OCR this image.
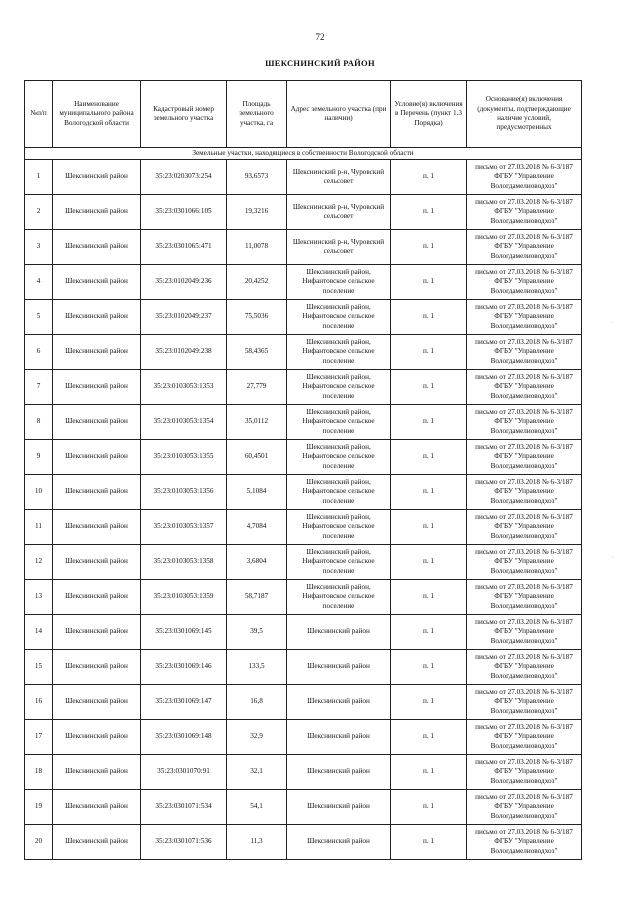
72
ШЕКСНИНСКИЙ РАЙОН
№п/п	Наименование муниципального района Вологодской области	Кадастровый номер земельного участка	Площадь земельного участка, га	Адрес земельного участка (при наличии)	Условие(я) включения в Перечень (пункт 1.3 Порядка)	Основание(я) включения (документы, подтверждающие наличие условий, предусмотренных
Земельные участки, находящиеся в собственности Вологодской области						
1	Шекснинский район	35:23:0203073:254	93,6573	Шекснинский р-н, Чуровский сельсовет	п. 1	письмо от 27.03.2018 № 6-3/187 ФГБУ "Управление Вологдамелиоводхоз"
2	Шекснинский район	35:23:0301066:105	19,3216	Шекснинский р-н, Чуровский сельсовет	п. 1	письмо от 27.03.2018 № 6-3/187 ФГБУ "Управление Вологдамелиоводхоз"
3	Шекснинский район	35:23:0301065:471	11,0078	Шекснинский р-н, Чуровский сельсовет	п. 1	письмо от 27.03.2018 № 6-3/187 ФГБУ "Управление Вологдамелиоводхоз"
4	Шекснинский район	35:23:0102049:236	20,4252	Шекснинский район, Нифантовское сельское поселение	п. 1	письмо от 27.03.2018 № 6-3/187 ФГБУ "Управление Вологдамелиоводхоз"
5	Шекснинский район	35:23:0102049:237	75,5036	Шекснинский район, Нифантовское сельское поселение	п. 1	письмо от 27.03.2018 № 6-3/187 ФГБУ "Управление Вологдамелиоводхоз"
6	Шекснинский район	35:23:0102049:238	58,4365	Шекснинский район, Нифантовское сельское поселение	п. 1	письмо от 27.03.2018 № 6-3/187 ФГБУ "Управление Вологдамелиоводхоз"
7	Шекснинский район	35:23:0103053:1353	27,779	Шекснинский район, Нифантовское сельское поселение	п. 1	письмо от 27.03.2018 № 6-3/187 ФГБУ "Управление Вологдамелиоводхоз"
8	Шекснинский район	35:23:0103053:1354	35,0112	Шекснинский район, Нифантовское сельское поселение	п. 1	письмо от 27.03.2018 № 6-3/187 ФГБУ "Управление Вологдамелиоводхоз"
9	Шекснинский район	35:23:0103053:1355	60,4501	Шекснинский район, Нифантовское сельское поселение	п. 1	письмо от 27.03.2018 № 6-3/187 ФГБУ "Управление Вологдамелиоводхоз"
10	Шекснинский район	35:23:0103053:1356	5,1084	Шекснинский район, Нифантовское сельское поселение	п. 1	письмо от 27.03.2018 № 6-3/187 ФГБУ "Управление Вологдамелиоводхоз"
11	Шекснинский район	35:23:0103053:1357	4,7084	Шекснинский район, Нифантовское сельское поселение	п. 1	письмо от 27.03.2018 № 6-3/187 ФГБУ "Управление Вологдамелиоводхоз"
12	Шекснинский район	35:23:0103053:1358	3,6804	Шекснинский район, Нифантовское сельское поселение	п. 1	письмо от 27.03.2018 № 6-3/187 ФГБУ "Управление Вологдамелиоводхоз"
13	Шекснинский район	35:23:0103053:1359	58,7187	Шекснинский район, Нифантовское сельское поселение	п. 1	письмо от 27.03.2018 № 6-3/187 ФГБУ "Управление Вологдамелиоводхоз"
14	Шекснинский район	35:23:0301069:145	39,5	Шекснинский район	п. 1	письмо от 27.03.2018 № 6-3/187 ФГБУ "Управление Вологдамелиоводхоз"
15	Шекснинский район	35:23:0301069:146	133,5	Шекснинский район	п. 1	письмо от 27.03.2018 № 6-3/187 ФГБУ "Управление Вологдамелиоводхоз"
16	Шекснинский район	35:23:0301069:147	16,8	Шекснинский район	п. 1	письмо от 27.03.2018 № 6-3/187 ФГБУ "Управление Вологдамелиоводхоз"
17	Шекснинский район	35:23:0301069:148	32,9	Шекснинский район	п. 1	письмо от 27.03.2018 № 6-3/187 ФГБУ "Управление Вологдамелиоводхоз"
18	Шекснинский район	35:23:0301070:91	32,1	Шекснинский район	п. 1	письмо от 27.03.2018 № 6-3/187 ФГБУ "Управление Вологдамелиоводхоз"
19	Шекснинский район	35:23:0301071:534	54,1	Шекснинский район	п. 1	письмо от 27.03.2018 № 6-3/187 ФГБУ "Управление Вологдамелиоводхоз"
20	Шекснинский район	35:23:0301071:536	11,3	Шекснинский район	п. 1	письмо от 27.03.2018 № 6-3/187 ФГБУ "Управление Вологдамелиоводхоз"
·
·
